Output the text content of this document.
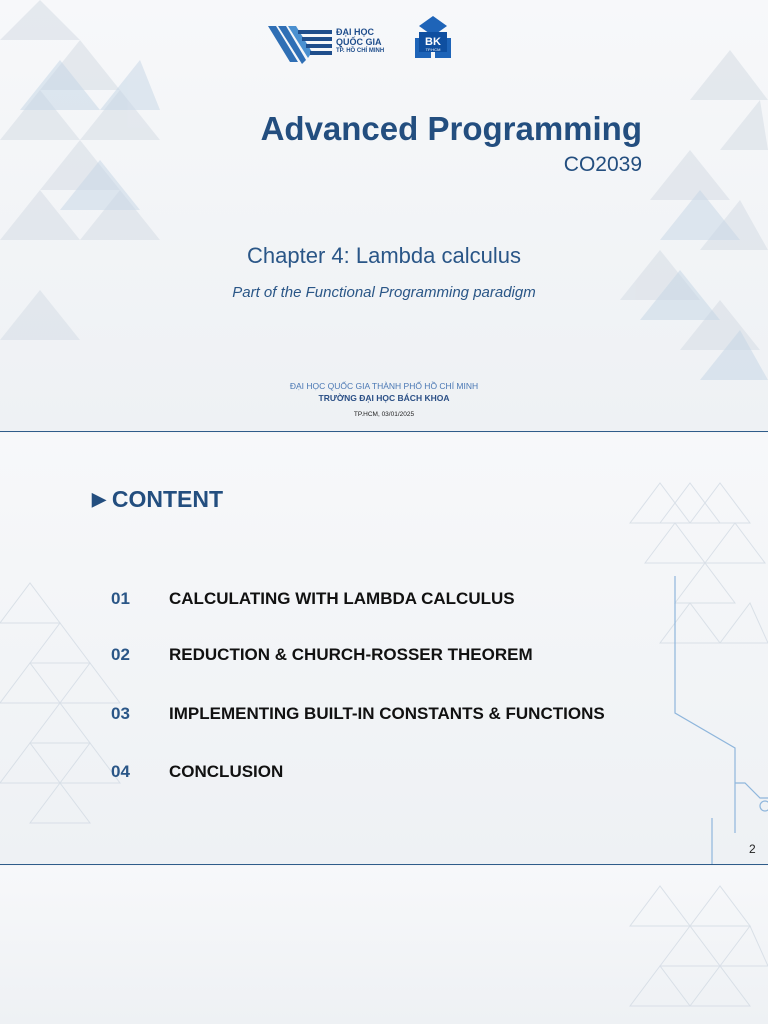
ĐẠI HỌC
QUỐC GIA
TP. HỒ CHÍ MINH
BK
TP.HCM
Advanced Programming
CO2039
Chapter 4: Lambda calculus
Part of the Functional Programming paradigm
ĐẠI HỌC QUỐC GIA THÀNH PHỐ HỒ CHÍ MINH
TRƯỜNG ĐẠI HỌC BÁCH KHOA
TP.HCM, 03/01/2025
▶ CONTENT
01	CALCULATING WITH LAMBDA CALCULUS
02	REDUCTION & CHURCH-ROSSER THEOREM
03	IMPLEMENTING BUILT-IN CONSTANTS & FUNCTIONS
04	CONCLUSION
2
